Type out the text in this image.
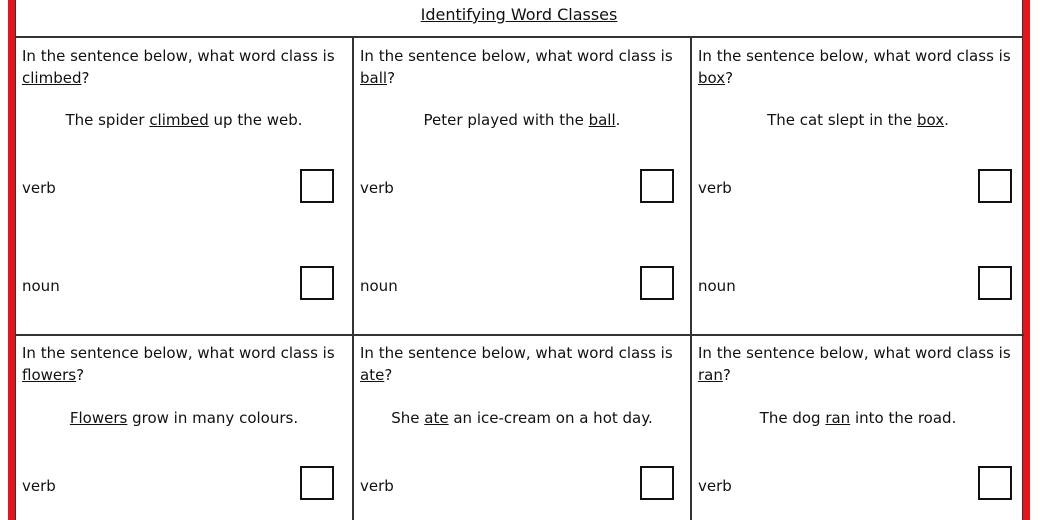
Identifying Word Classes
In the sentence below, what word class is climbed?
The spider climbed up the web.
verb
noun
In the sentence below, what word class is ball?
Peter played with the ball.
verb
noun
In the sentence below, what word class is box?
The cat slept in the box.
verb
noun
In the sentence below, what word class is flowers?
Flowers grow in many colours.
verb
In the sentence below, what word class is ate?
She ate an ice-cream on a hot day.
verb
In the sentence below, what word class is ran?
The dog ran into the road.
verb
